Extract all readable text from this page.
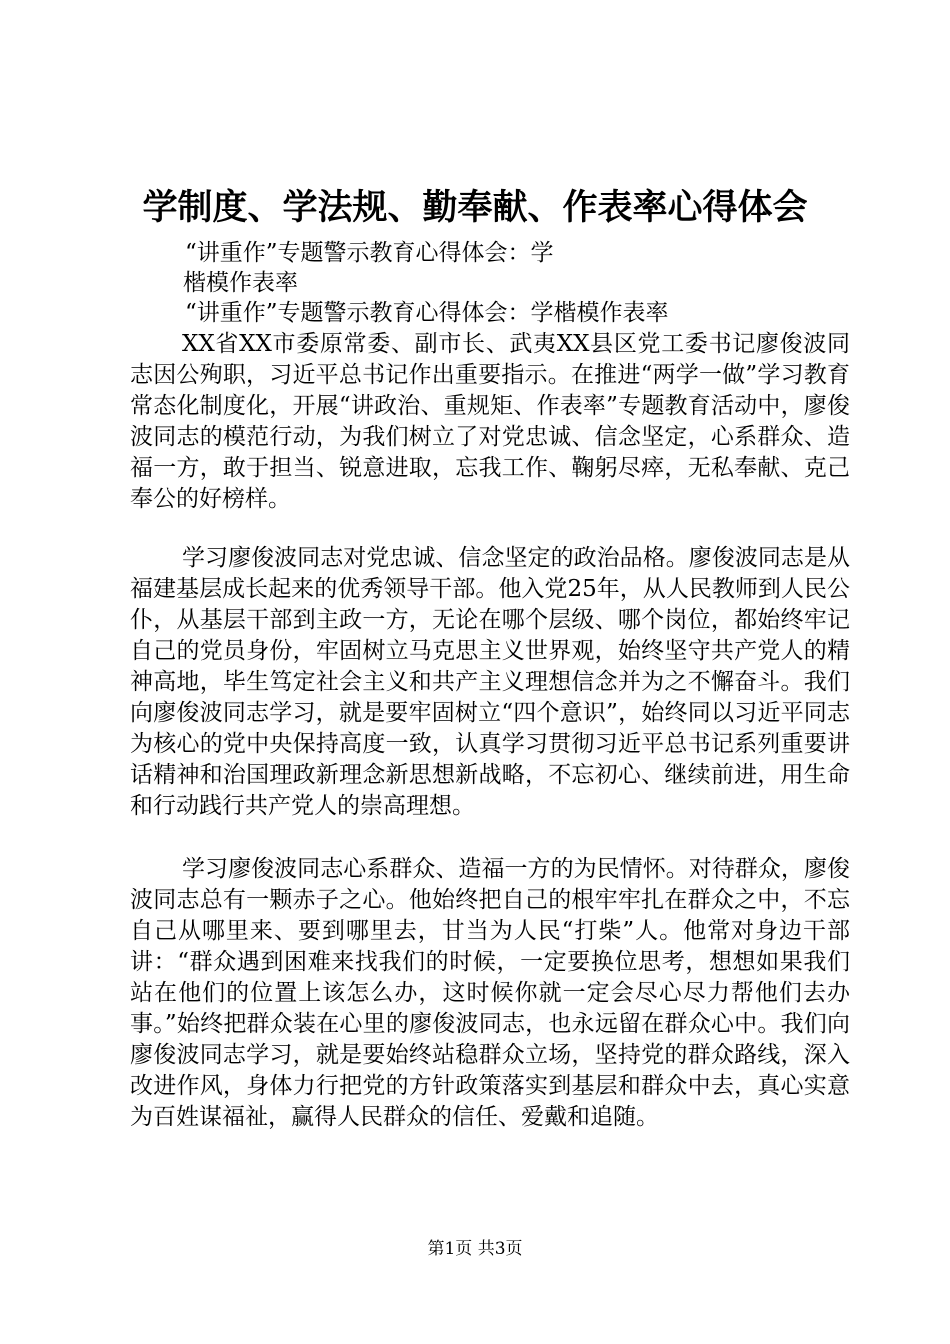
学制度、学法规、勤奉献、作表率心得体会

“讲重作”专题警示教育心得体会：学

楷模作表率

“讲重作”专题警示教育心得体会：学楷模作表率

XX省XX市委原常委、副市长、武夷XX县区党工委书记廖俊波同志因公殉职，习近平总书记作出重要指示。在推进“两学一做”学习教育常态化制度化，开展“讲政治、重规矩、作表率”专题教育活动中，廖俊波同志的模范行动，为我们树立了对党忠诚、信念坚定，心系群众、造福一方，敢于担当、锐意进取，忘我工作、鞠躬尽瘁，无私奉献、克己奉公的好榜样。

学习廖俊波同志对党忠诚、信念坚定的政治品格。廖俊波同志是从福建基层成长起来的优秀领导干部。他入党25年，从人民教师到人民公仆，从基层干部到主政一方，无论在哪个层级、哪个岗位，都始终牢记自己的党员身份，牢固树立马克思主义世界观，始终坚守共产党人的精神高地，毕生笃定社会主义和共产主义理想信念并为之不懈奋斗。我们向廖俊波同志学习，就是要牢固树立“四个意识”，始终同以习近平同志为核心的党中央保持高度一致，认真学习贯彻习近平总书记系列重要讲话精神和治国理政新理念新思想新战略，不忘初心、继续前进，用生命和行动践行共产党人的崇高理想。

学习廖俊波同志心系群众、造福一方的为民情怀。对待群众，廖俊波同志总有一颗赤子之心。他始终把自己的根牢牢扎在群众之中，不忘自己从哪里来、要到哪里去，甘当为人民“打柴”人。他常对身边干部讲：“群众遇到困难来找我们的时候，一定要换位思考，想想如果我们站在他们的位置上该怎么办，这时候你就一定会尽心尽力帮他们去办事。”始终把群众装在心里的廖俊波同志，也永远留在群众心中。我们向廖俊波同志学习，就是要始终站稳群众立场，坚持党的群众路线，深入改进作风，身体力行把党的方针政策落实到基层和群众中去，真心实意为百姓谋福祉，赢得人民群众的信任、爱戴和追随。

第1页 共3页
